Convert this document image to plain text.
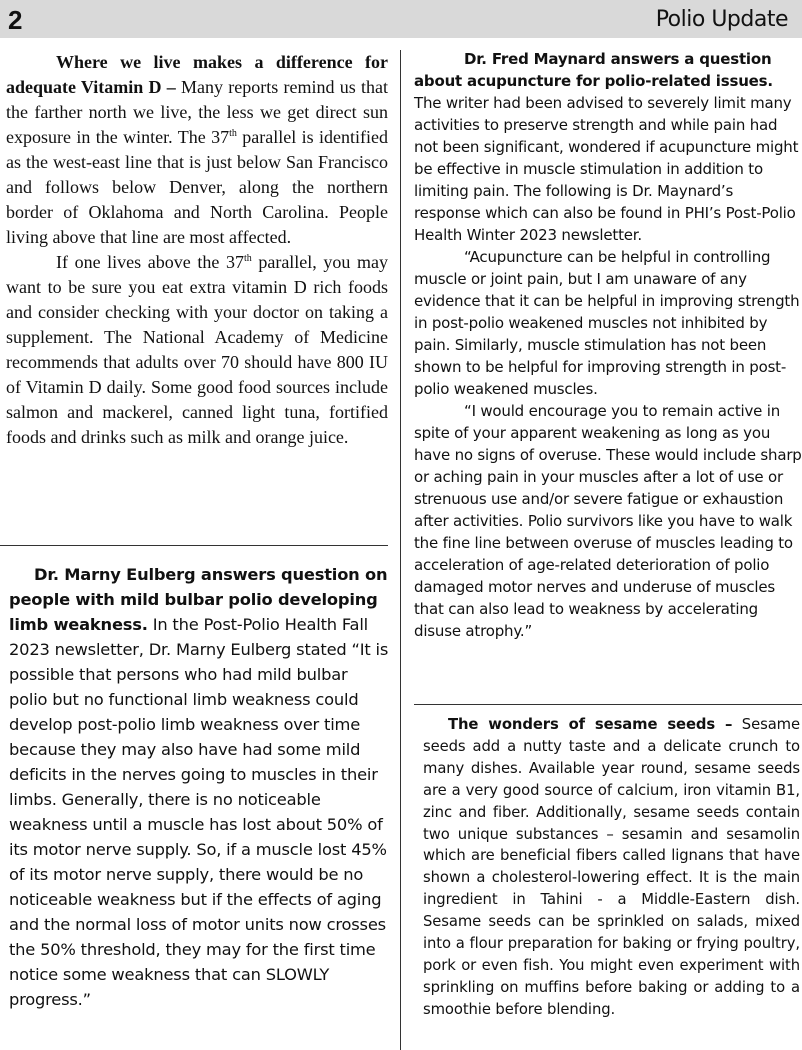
2	Polio Update

Where we live makes a difference for adequate Vitamin D – Many reports remind us that the farther north we live, the less we get direct sun exposure in the winter. The 37th parallel is identified as the west-east line that is just below San Francisco and follows below Denver, along the northern border of Oklahoma and North Carolina. People living above that line are most affected.

If one lives above the 37th parallel, you may want to be sure you eat extra vitamin D rich foods and consider checking with your doctor on taking a supplement. The National Academy of Medicine recommends that adults over 70 should have 800 IU of Vitamin D daily. Some good food sources include salmon and mackerel, canned light tuna, fortified foods and drinks such as milk and orange juice.

Dr. Marny Eulberg answers question on people with mild bulbar polio developing limb weakness. In the Post-Polio Health Fall 2023 newsletter, Dr. Marny Eulberg stated “It is possible that persons who had mild bulbar polio but no functional limb weakness could develop post-polio limb weakness over time because they may also have had some mild deficits in the nerves going to muscles in their limbs. Generally, there is no noticeable weakness until a muscle has lost about 50% of its motor nerve supply. So, if a muscle lost 45% of its motor nerve supply, there would be no noticeable weakness but if the effects of aging and the normal loss of motor units now crosses the 50% threshold, they may for the first time notice some weakness that can SLOWLY progress.”

Dr. Fred Maynard answers a question about acupuncture for polio-related issues. The writer had been advised to severely limit many activities to preserve strength and while pain had not been significant, wondered if acupuncture might be effective in muscle stimulation in addition to limiting pain. The following is Dr. Maynard’s response which can also be found in PHI’s Post-Polio Health Winter 2023 newsletter.

“Acupuncture can be helpful in controlling muscle or joint pain, but I am unaware of any evidence that it can be helpful in improving strength in post-polio weakened muscles not inhibited by pain. Similarly, muscle stimulation has not been shown to be helpful for improving strength in post-polio weakened muscles.

“I would encourage you to remain active in spite of your apparent weakening as long as you have no signs of overuse. These would include sharp or aching pain in your muscles after a lot of use or strenuous use and/or severe fatigue or exhaustion after activities. Polio survivors like you have to walk the fine line between overuse of muscles leading to acceleration of age-related deterioration of polio damaged motor nerves and underuse of muscles that can also lead to weakness by accelerating disuse atrophy.”

The wonders of sesame seeds – Sesame seeds add a nutty taste and a delicate crunch to many dishes. Available year round, sesame seeds are a very good source of calcium, iron vitamin B1, zinc and fiber. Additionally, sesame seeds contain two unique substances – sesamin and sesamolin which are beneficial fibers called lignans that have shown a cholesterol-lowering effect. It is the main ingredient in Tahini - a Middle-Eastern dish. Sesame seeds can be sprinkled on salads, mixed into a flour preparation for baking or frying poultry, pork or even fish. You might even experiment with sprinkling on muffins before baking or adding to a smoothie before blending.
